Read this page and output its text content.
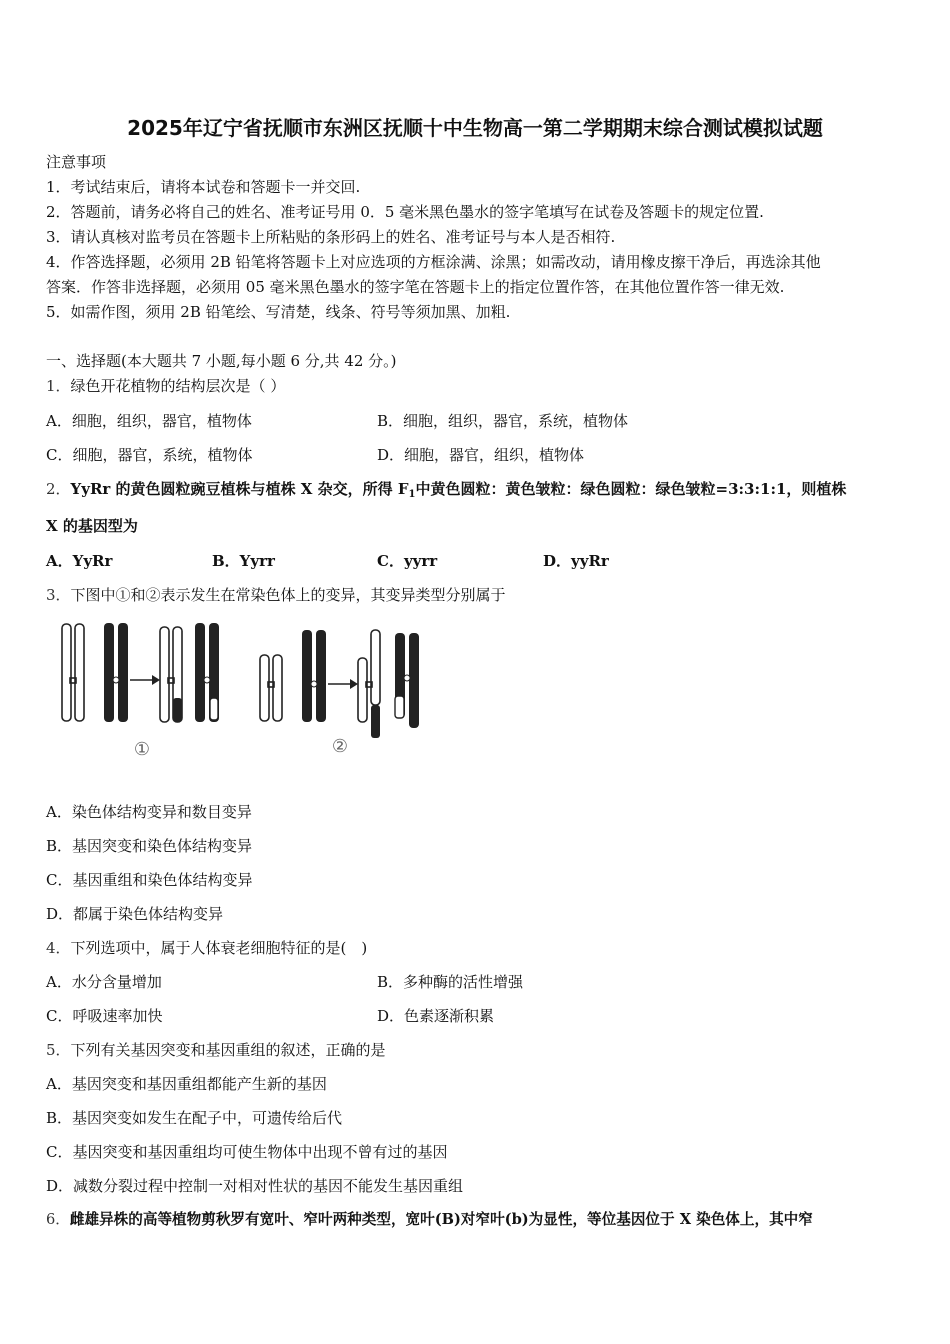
2025年辽宁省抚顺市东洲区抚顺十中生物高一第二学期期末综合测试模拟试题
注意事项
1．考试结束后，请将本试卷和答题卡一并交回.
2．答题前，请务必将自己的姓名、准考证号用 0．5 毫米黑色墨水的签字笔填写在试卷及答题卡的规定位置.
3．请认真核对监考员在答题卡上所粘贴的条形码上的姓名、准考证号与本人是否相符.
4．作答选择题，必须用 2B 铅笔将答题卡上对应选项的方框涂满、涂黑；如需改动，请用橡皮擦干净后，再选涂其他
答案．作答非选择题，必须用 05 毫米黑色墨水的签字笔在答题卡上的指定位置作答，在其他位置作答一律无效.
5．如需作图，须用 2B 铅笔绘、写清楚，线条、符号等须加黑、加粗.
一、选择题(本大题共 7 小题,每小题 6 分,共 42 分。)
1．绿色开花植物的结构层次是（ ）
A．细胞，组织，器官，植物体	B．细胞，组织，器官，系统，植物体
C．细胞，器官，系统，植物体	D．细胞，器官，组织，植物体
2．YyRr 的黄色圆粒豌豆植株与植株 X 杂交，所得 $F_1$中黄色圆粒：黄色皱粒：绿色圆粒：绿色皱粒=3:3:1:1，则植株
X 的基因型为
A．YyRr	B．Yyrr	C．yyrr	D．yyRr
3．下图中①和②表示发生在常染色体上的变异，其变异类型分别属于
①	②
A．染色体结构变异和数目变异
B．基因突变和染色体结构变异
C．基因重组和染色体结构变异
D．都属于染色体结构变异
4．下列选项中，属于人体衰老细胞特征的是(　)
A．水分含量增加	B．多种酶的活性增强
C．呼吸速率加快	D．色素逐渐积累
5．下列有关基因突变和基因重组的叙述，正确的是
A．基因突变和基因重组都能产生新的基因
B．基因突变如发生在配子中，可遗传给后代
C．基因突变和基因重组均可使生物体中出现不曾有过的基因
D．减数分裂过程中控制一对相对性状的基因不能发生基因重组
6．雌雄异株的高等植物剪秋罗有宽叶、窄叶两种类型，宽叶(B)对窄叶(b)为显性，等位基因位于 X 染色体上，其中窄
